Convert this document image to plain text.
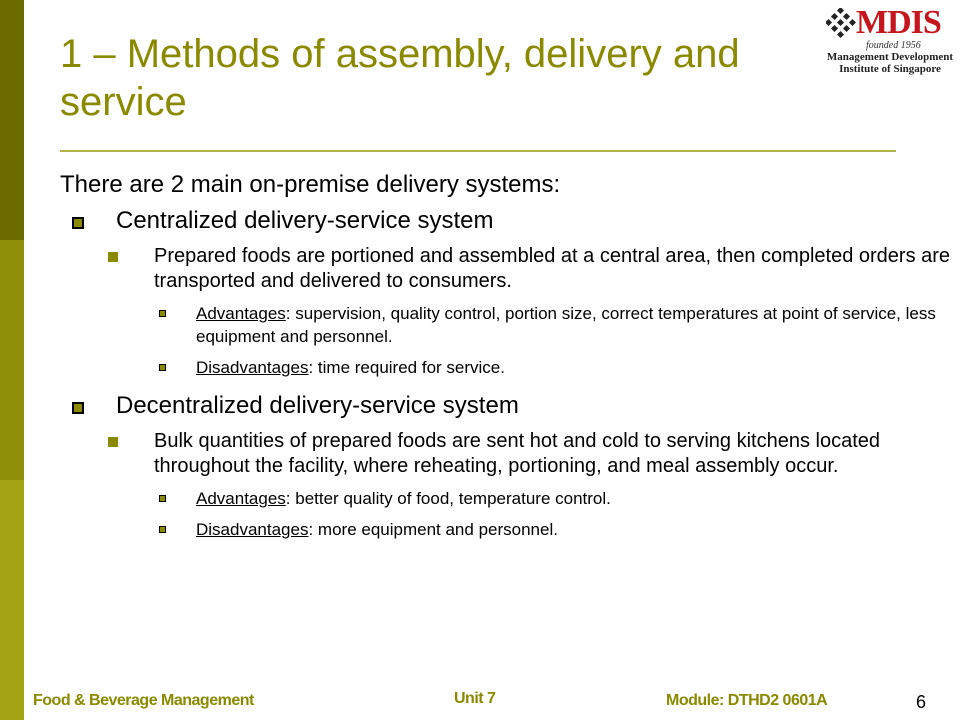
1 – Methods of assembly, delivery and service
MDIS
founded 1956
Management Development
Institute of Singapore

There are 2 main on-premise delivery systems:

Centralized delivery-service system
Prepared foods are portioned and assembled at a central area, then completed orders are transported and delivered to consumers.
Advantages: supervision, quality control, portion size, correct temperatures at point of service, less equipment and personnel.
Disadvantages: time required for service.
Decentralized delivery-service system
Bulk quantities of prepared foods are sent hot and cold to serving kitchens located throughout the facility, where reheating, portioning, and meal assembly occur.
Advantages: better quality of food, temperature control.
Disadvantages: more equipment and personnel.
Food & Beverage Management	Unit 7	Module: DTHD2 0601A	6
